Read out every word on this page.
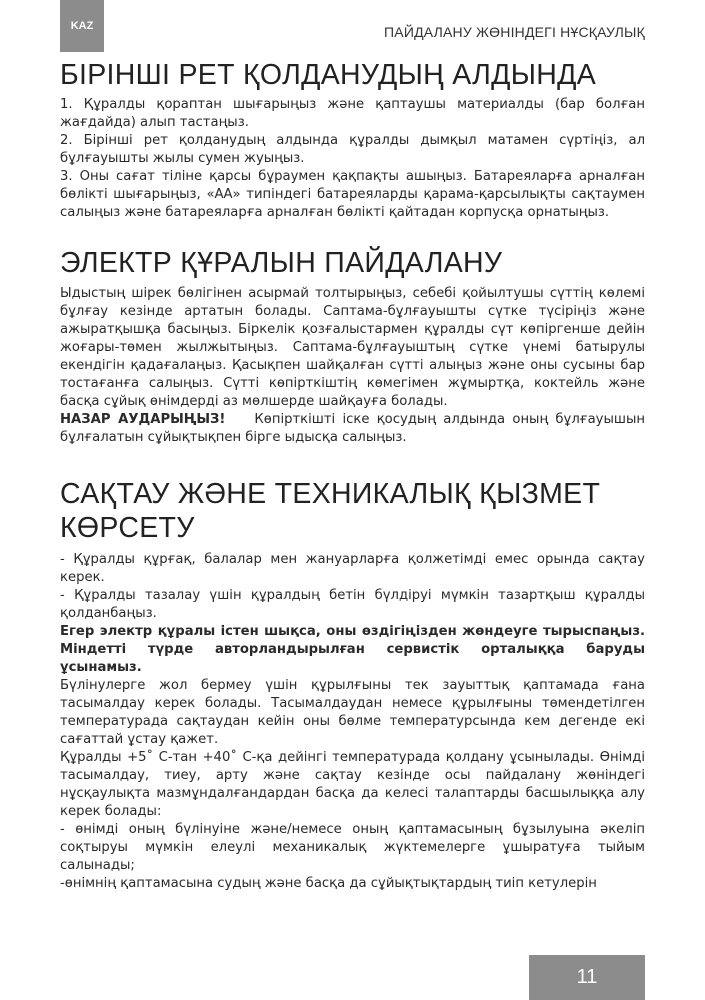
KAZ	ПАЙДАЛАНУ ЖӨНІНДЕГІ НҰСҚАУЛЫҚ
БІРІНШІ РЕТ ҚОЛДАНУДЫҢ АЛДЫНДА

1. Құралды қораптан шығарыңыз және қаптаушы материалды (бар болған жағдайда) алып тастаңыз.

2. Бірінші рет қолданудың алдында құралды дымқыл матамен сүртіңіз, ал бұлғауышты жылы сумен жуыңыз.

3. Оны сағат тіліне қарсы бұраумен қақпақты ашыңыз. Батареяларға арналған бөлікті шығарыңыз, «АА» типіндегі батареяларды қарама-қарсылықты сақтаумен салыңыз және батареяларға арналған бөлікті қайтадан корпусқа орнатыңыз.

ЭЛЕКТР ҚҰРАЛЫН ПАЙДАЛАНУ

Ыдыстың шірек бөлігінен асырмай толтырыңыз, себебі қойылтушы сүттің көлемі бұлғау кезінде артатын болады. Саптама-бұлғауышты сүтке түсіріңіз және ажыратқышқа басыңыз. Біркелік қозғалыстармен құралды сүт көпіргенше дейін жоғары-төмен жылжытыңыз. Саптама-бұлғауыштың сүтке үнемі батырулы екендігін қадағалаңыз. Қасықпен шайқалған сүтті алыңыз және оны сусыны бар тостағанға салыңыз. Сүтті көпірткіштің көмегімен жұмыртқа, коктейль және басқа сұйық өнімдерді аз мөлшерде шайқауға болады.

НАЗАР АУДАРЫҢЫЗ! Көпірткішті іске қосудың алдында оның бұлғауышын бұлғалатын сұйықтықпен бірге ыдысқа салыңыз.

САҚТАУ ЖӘНЕ ТЕХНИКАЛЫҚ ҚЫЗМЕТ КӨРСЕТУ

- Құралды құрғақ, балалар мен жануарларға қолжетімді емес орында сақтау керек.

- Құралды тазалау үшін құралдың бетін бүлдіруі мүмкін тазартқыш құралды қолданбаңыз.

Егер электр құралы істен шықса, оны өздігіңізден жөндеуге тырыспаңыз. Міндетті түрде авторландырылған сервистік орталыққа баруды ұсынамыз.

Бүлінулерге жол бермеу үшін құрылғыны тек зауыттық қаптамада ғана тасымалдау керек болады. Тасымалдаудан немесе құрылғыны төмендетілген температурада сақтаудан кейін оны бөлме температурсында кем дегенде екі сағаттай ұстау қажет.

Құралды +5˚ С-тан +40˚ С-қа дейінгі температурада қолдану ұсынылады. Өнімді тасымалдау, тиеу, арту және сақтау кезінде осы пайдалану жөніндегі нұсқаулықта мазмұндалғандардан басқа да келесі талаптарды басшылыққа алу керек болады:

- өнімді оның бүлінуіне және/немесе оның қаптамасының бұзылуына әкеліп соқтыруы мүмкін елеулі механикалық жүктемелерге ұшыратуға тыйым салынады;

-өнімнің қаптамасына судың және басқа да сұйықтықтардың тиіп кетулерін

11
